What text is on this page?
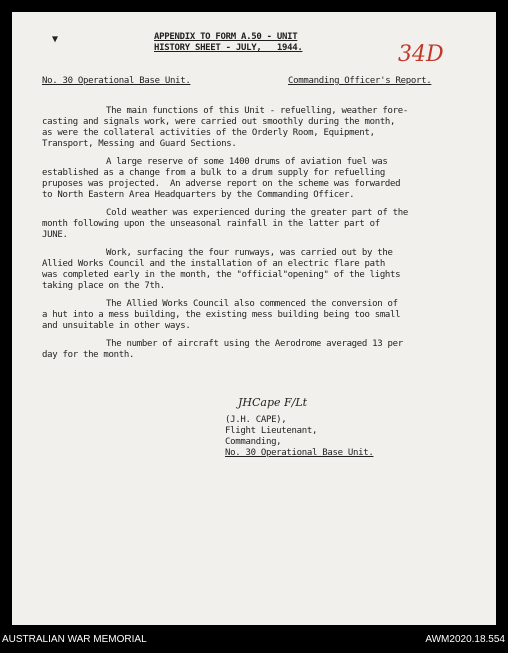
▼	APPENDIX TO FORM A.50 - UNIT
HISTORY SHEET - JULY,   1944.	34D
No. 30 Operational Base Unit.	Commanding Officer's Report.
The main functions of this Unit - refuelling, weather fore-
casting and signals work, were carried out smoothly during the month,
as were the collateral activities of the Orderly Room, Equipment,
Transport, Messing and Guard Sections.
A large reserve of some 1400 drums of aviation fuel was
established as a change from a bulk to a drum supply for refuelling
pruposes was projected.  An adverse report on the scheme was forwarded
to North Eastern Area Headquarters by the Commanding Officer.
Cold weather was experienced during the greater part of the
month following upon the unseasonal rainfall in the latter part of
JUNE.
Work, surfacing the four runways, was carried out by the
Allied Works Council and the installation of an electric flare path
was completed early in the month, the "official"opening" of the lights
taking place on the 7th.
The Allied Works Council also commenced the conversion of
a hut into a mess building, the existing mess building being too small
and unsuitable in other ways.
The number of aircraft using the Aerodrome averaged 13 per
day for the month.
JHCape F/Lt
(J.H. CAPE),
Flight Lieutenant,
Commanding,
No. 30 Operational Base Unit.
AUSTRALIAN WAR MEMORIAL	AWM2020.18.554
